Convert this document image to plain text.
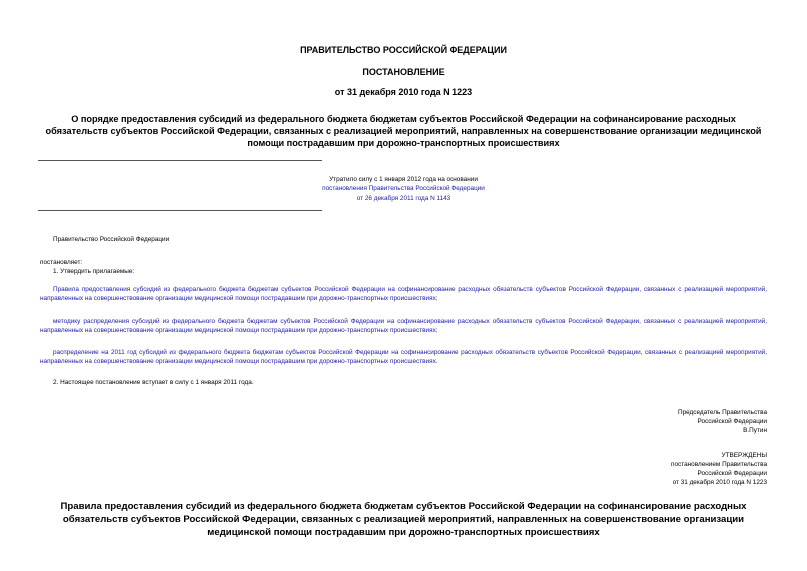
ПРАВИТЕЛЬСТВО РОССИЙСКОЙ ФЕДЕРАЦИИ
ПОСТАНОВЛЕНИЕ
от 31 декабря 2010 года N 1223
О порядке предоставления субсидий из федерального бюджета бюджетам субъектов Российской Федерации на софинансирование расходных обязательств субъектов Российской Федерации, связанных с реализацией мероприятий, направленных на совершенствование организации медицинской помощи пострадавшим при дорожно-транспортных происшествиях
Утратило силу с 1 января 2012 года на основании
постановления Правительства Российской Федерации
от 26 декабря 2011 года N 1143
Правительство Российской Федерации
постановляет:
1. Утвердить прилагаемые:
Правила предоставления субсидий из федерального бюджета бюджетам субъектов Российской Федерации на софинансирование расходных обязательств субъектов Российской Федерации, связанных с реализацией мероприятий, направленных на совершенствование организации медицинской помощи пострадавшим при дорожно-транспортных происшествиях;
методику распределения субсидий из федерального бюджета бюджетам субъектов Российской Федерации на софинансирование расходных обязательств субъектов Российской Федерации, связанных с реализацией мероприятий, направленных на совершенствование организации медицинской помощи пострадавшим при дорожно-транспортных происшествиях;
распределение на 2011 год субсидий из федерального бюджета бюджетам субъектов Российской Федерации на софинансирование расходных обязательств субъектов Российской Федерации, связанных с реализацией мероприятий, направленных на совершенствование организации медицинской помощи пострадавшим при дорожно-транспортных происшествиях.
2. Настоящее постановление вступает в силу с 1 января 2011 года.
Председатель Правительства
Российской Федерации
В.Путин
УТВЕРЖДЕНЫ
постановлением Правительства
Российской Федерации
от 31 декабря 2010 года N 1223
Правила предоставления субсидий из федерального бюджета бюджетам субъектов Российской Федерации на софинансирование расходных обязательств субъектов Российской Федерации, связанных с реализацией мероприятий, направленных на совершенствование организации медицинской помощи пострадавшим при дорожно-транспортных происшествиях
